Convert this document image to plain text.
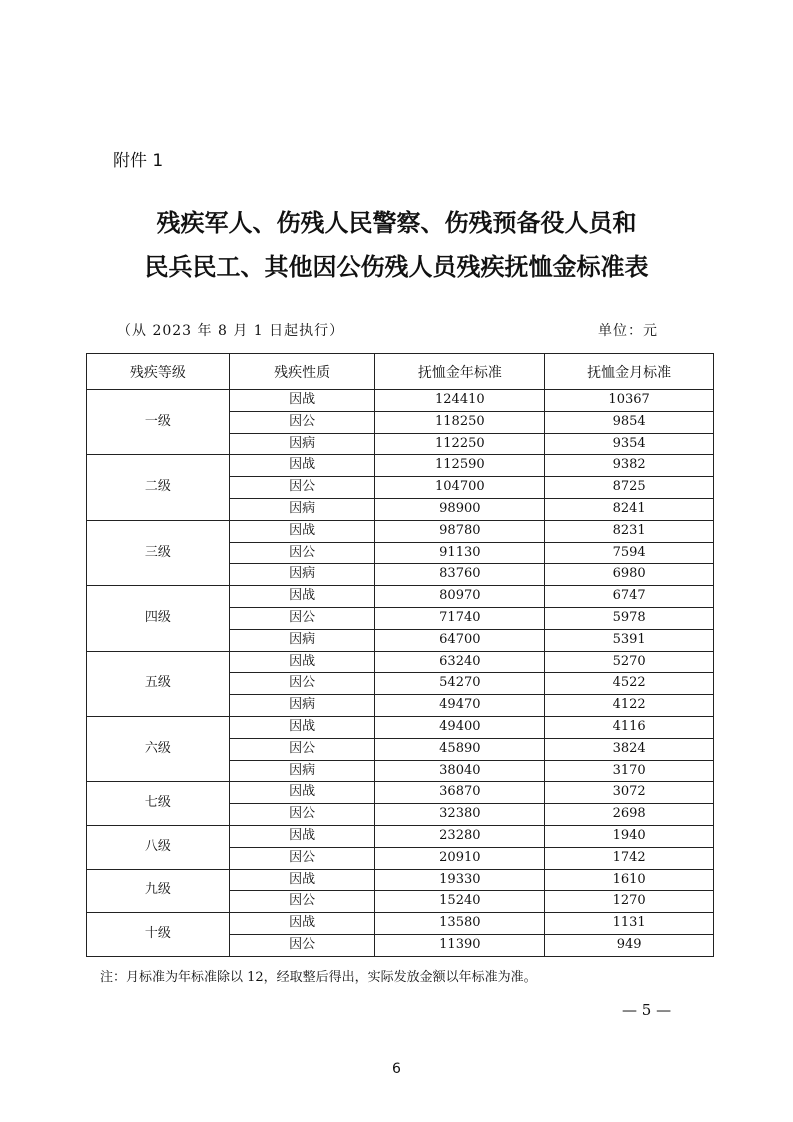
附件 1
残疾军人、伤残人民警察、伤残预备役人员和
民兵民工、其他因公伤残人员残疾抚恤金标准表
（从 2023 年 8 月 1 日起执行）	单位：元
残疾等级	残疾性质	抚恤金年标准	抚恤金月标准
一级	因战	124410	10367
	因公	118250	9854
	因病	112250	9354
二级	因战	112590	9382
	因公	104700	8725
	因病	98900	8241
三级	因战	98780	8231
	因公	91130	7594
	因病	83760	6980
四级	因战	80970	6747
	因公	71740	5978
	因病	64700	5391
五级	因战	63240	5270
	因公	54270	4522
	因病	49470	4122
六级	因战	49400	4116
	因公	45890	3824
	因病	38040	3170
七级	因战	36870	3072
	因公	32380	2698
八级	因战	23280	1940
	因公	20910	1742
九级	因战	19330	1610
	因公	15240	1270
十级	因战	13580	1131
	因公	11390	949
注：月标准为年标准除以 12，经取整后得出，实际发放金额以年标准为准。
— 5 —
6
